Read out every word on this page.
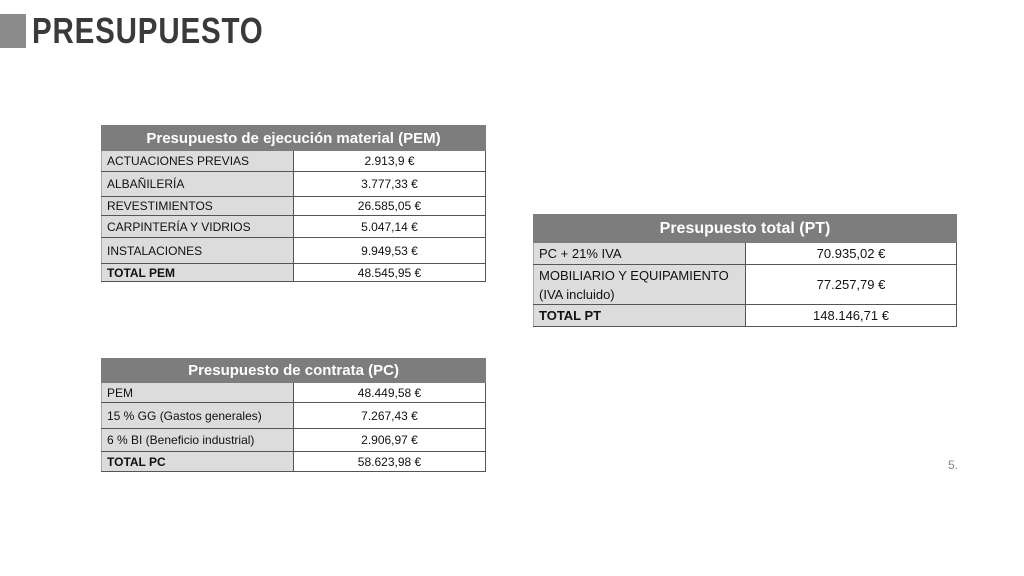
PRESUPUESTO
Presupuesto de ejecución material (PEM)	
ACTUACIONES PREVIAS	2.913,9 €
ALBAÑILERÍA	3.777,33 €
REVESTIMIENTOS	26.585,05 €
CARPINTERÍA Y VIDRIOS	5.047,14 €
INSTALACIONES	9.949,53 €
TOTAL PEM	48.545,95 €
Presupuesto de contrata (PC)	
PEM	48.449,58 €
15 % GG (Gastos generales)	7.267,43 €
6 % BI (Beneficio industrial)	2.906,97 €
TOTAL PC	58.623,98 €
Presupuesto total (PT)	
PC + 21% IVA	70.935,02 €
MOBILIARIO Y EQUIPAMIENTO
(IVA incluido)	77.257,79 €
TOTAL PT	148.146,71 €
5.
